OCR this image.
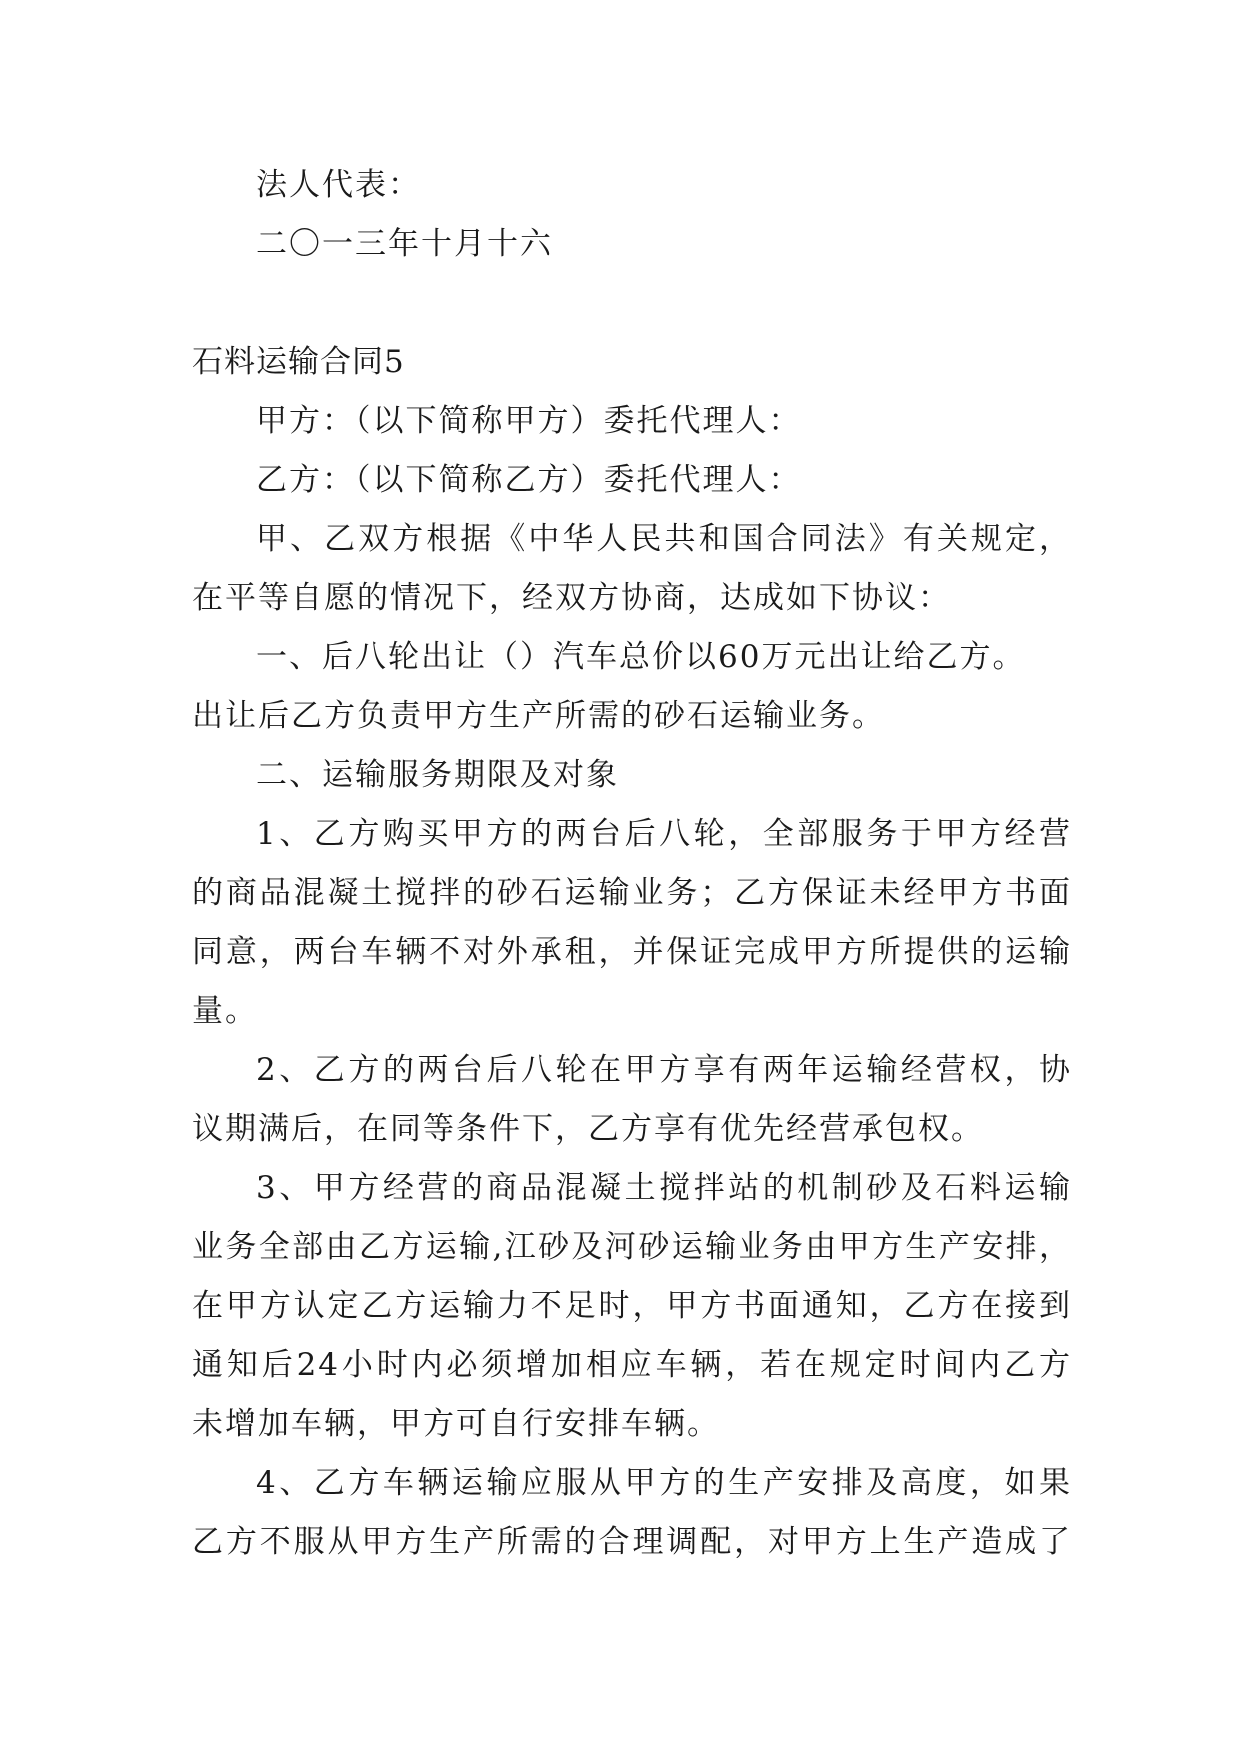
法人代表：
二〇一三年十月十六
石料运输合同5
甲方：（以下简称甲方）委托代理人：
乙方：（以下简称乙方）委托代理人：
甲、乙双方根据《中华人民共和国合同法》有关规定，
在平等自愿的情况下，经双方协商，达成如下协议：
一、后八轮出让（）汽车总价以60万元出让给乙方。
出让后乙方负责甲方生产所需的砂石运输业务。
二、运输服务期限及对象
1、乙方购买甲方的两台后八轮，全部服务于甲方经营
的商品混凝土搅拌的砂石运输业务；乙方保证未经甲方书面
同意，两台车辆不对外承租，并保证完成甲方所提供的运输
量。
2、乙方的两台后八轮在甲方享有两年运输经营权，协
议期满后，在同等条件下，乙方享有优先经营承包权。
3、甲方经营的商品混凝土搅拌站的机制砂及石料运输
业务全部由乙方运输,江砂及河砂运输业务由甲方生产安排，
在甲方认定乙方运输力不足时，甲方书面通知，乙方在接到
通知后24小时内必须增加相应车辆，若在规定时间内乙方
未增加车辆，甲方可自行安排车辆。
4、乙方车辆运输应服从甲方的生产安排及高度，如果
乙方不服从甲方生产所需的合理调配，对甲方上生产造成了
